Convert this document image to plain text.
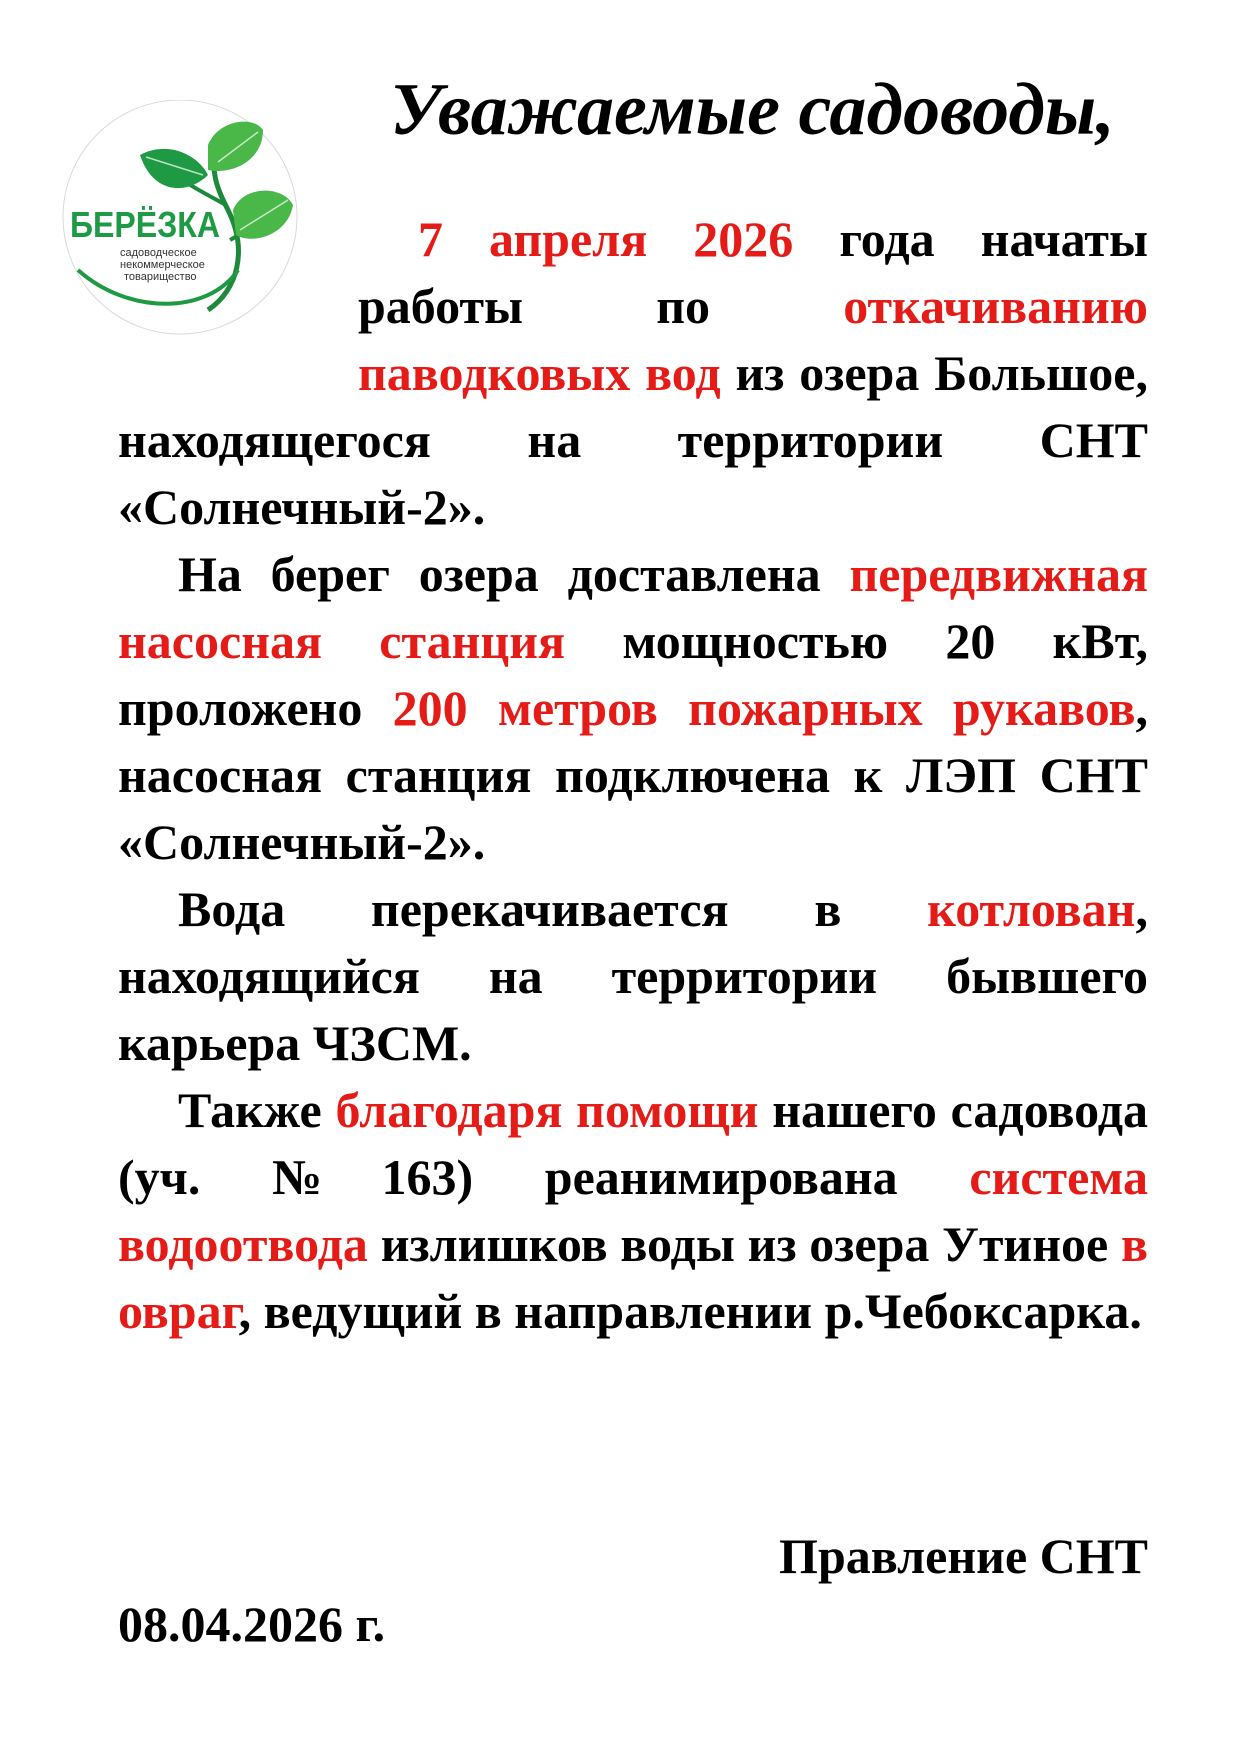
БЕРЁЗКА
садоводческое
некоммерческое
товарищество
Уважаемые садоводы,

7 апреля 2026 года начаты работы по откачиванию паводковых вод из озера Большое, находящегося на территории СНТ «Солнечный-2».

На берег озера доставлена передвижная насосная станция мощностью 20 кВт, проложено 200 метров пожарных рукавов, насосная станция подключена к ЛЭП СНТ «Солнечный-2».

Вода перекачивается в котлован, находящийся на территории бывшего карьера ЧЗСМ.

Также благодаря помощи нашего садовода (уч. №163) реанимирована система водоотвода излишков воды из озера Утиное в овраг, ведущий в направлении р.Чебоксарка.

Правление СНТ
08.04.2026 г.
